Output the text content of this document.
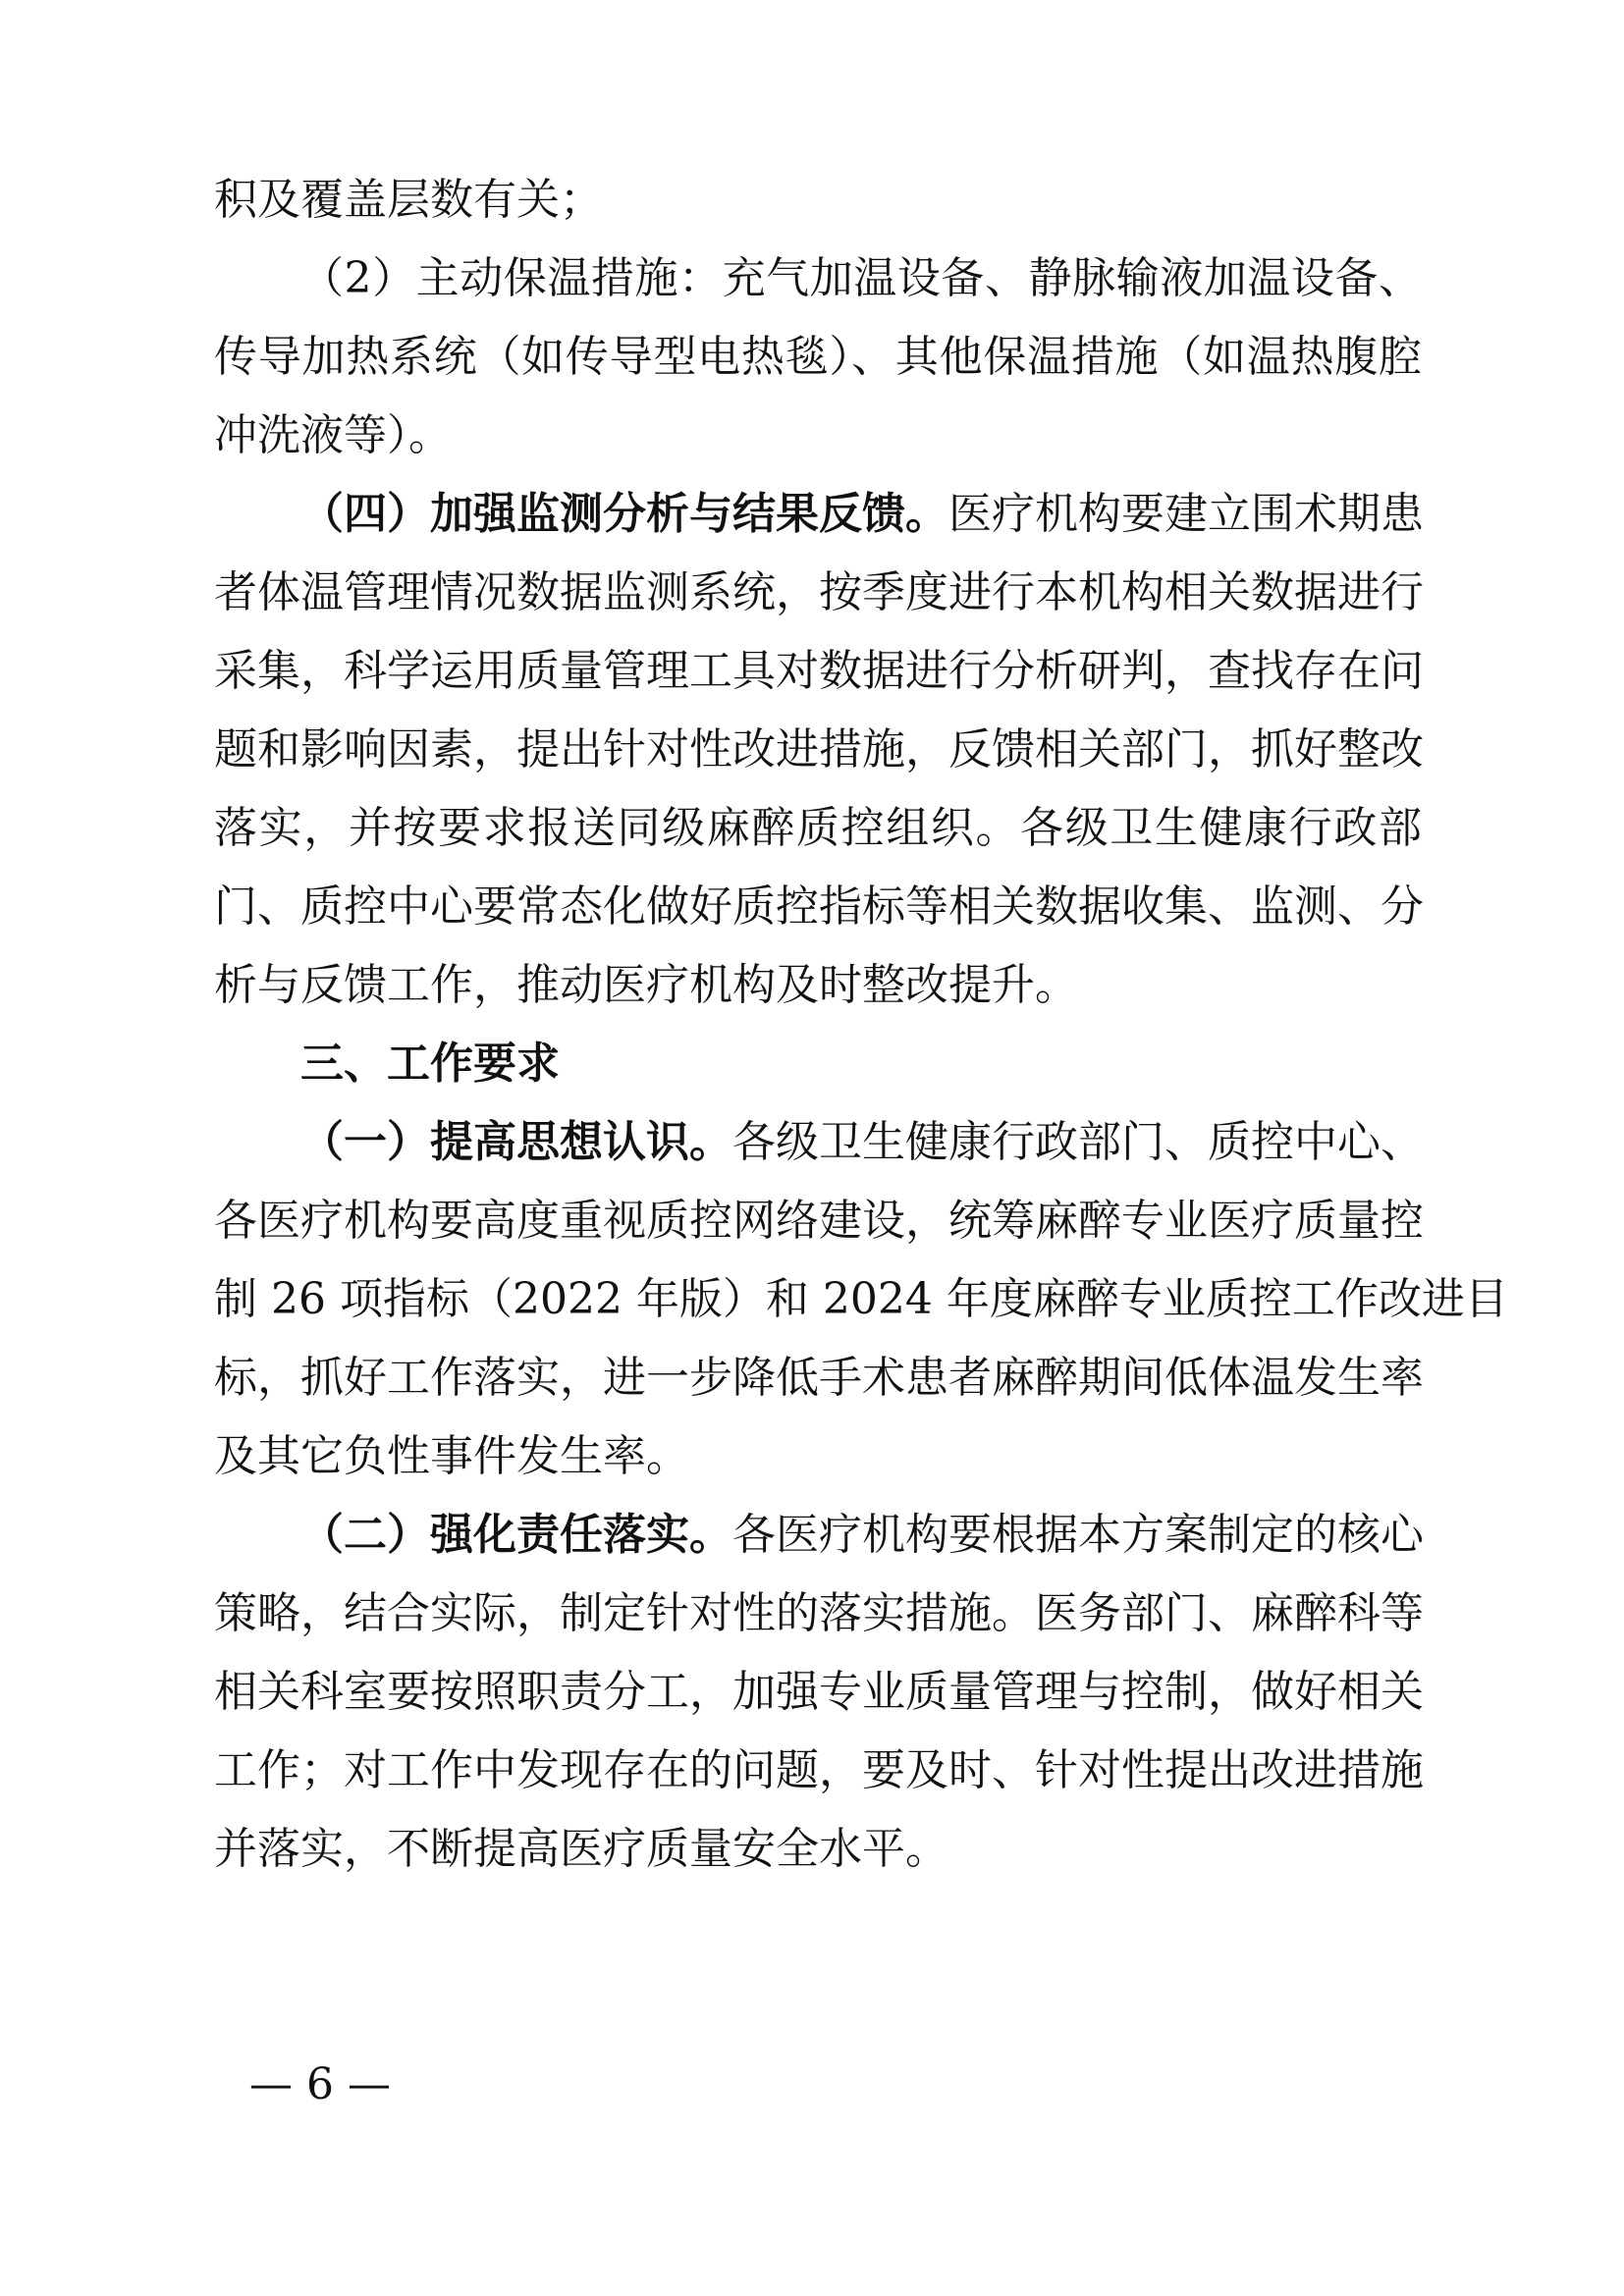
积及覆盖层数有关；
（2）主动保温措施：充气加温设备、静脉输液加温设备、
传导加热系统（如传导型电热毯）、其他保温措施（如温热腹腔
冲洗液等）。
（四）加强监测分析与结果反馈。医疗机构要建立围术期患
者体温管理情况数据监测系统，按季度进行本机构相关数据进行
采集，科学运用质量管理工具对数据进行分析研判，查找存在问
题和影响因素，提出针对性改进措施，反馈相关部门，抓好整改
落实，并按要求报送同级麻醉质控组织。各级卫生健康行政部
门、质控中心要常态化做好质控指标等相关数据收集、监测、分
析与反馈工作，推动医疗机构及时整改提升。
三、工作要求
（一）提高思想认识。各级卫生健康行政部门、质控中心、
各医疗机构要高度重视质控网络建设，统筹麻醉专业医疗质量控
制 26 项指标（2022 年版）和 2024 年度麻醉专业质控工作改进目
标，抓好工作落实，进一步降低手术患者麻醉期间低体温发生率
及其它负性事件发生率。
（二）强化责任落实。各医疗机构要根据本方案制定的核心
策略，结合实际，制定针对性的落实措施。医务部门、麻醉科等
相关科室要按照职责分工，加强专业质量管理与控制，做好相关
工作；对工作中发现存在的问题，要及时、针对性提出改进措施
并落实，不断提高医疗质量安全水平。
— 6 —
